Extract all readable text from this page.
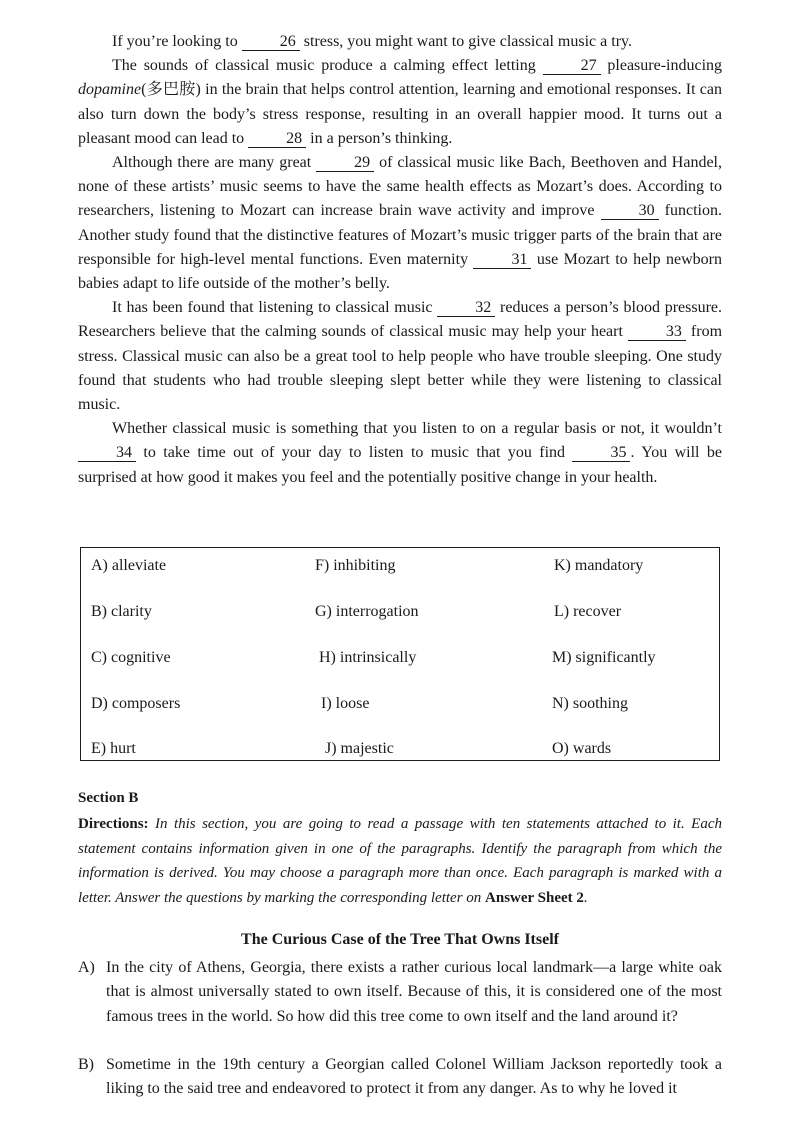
If you’re looking to	26 stress, you might want to give classical music a try.

The sounds of classical music produce a calming effect letting	27 pleasure-inducing dopamine(多巴胺) in the brain that helps control attention, learning and emotional responses. It can also turn down the body’s stress response, resulting in an overall happier mood. It turns out a pleasant mood can lead to	28 in a person’s thinking.

Although there are many great	29 of classical music like Bach, Beethoven and Handel, none of these artists’ music seems to have the same health effects as Mozart’s does. According to researchers, listening to Mozart can increase brain wave activity and improve	30 function. Another study found that the distinctive features of Mozart’s music trigger parts of the brain that are responsible for high-level mental functions. Even maternity	31 use Mozart to help newborn babies adapt to life outside of the mother’s belly.

It has been found that listening to classical music	32 reduces a person’s blood pressure. Researchers believe that the calming sounds of classical music may help your heart	33 from stress. Classical music can also be a great tool to help people who have trouble sleeping. One study found that students who had trouble sleeping slept better while they were listening to classical music.

Whether classical music is something that you listen to on a regular basis or not, it wouldn’t 34 to take time out of your day to listen to music that you find	35 . You will be surprised at how good it makes you feel and the potentially positive change in your health.

A) alleviate
B) clarity
C) cognitive
D) composers
E) hurt
F) inhibiting
G) interrogation
H) intrinsically
I) loose
J) majestic
K) mandatory
L) recover
M) significantly
N) soothing
O) wards

Section B

Directions: In this section, you are going to read a passage with ten statements attached to it. Each statement contains information given in one of the paragraphs. Identify the paragraph from which the information is derived. You may choose a paragraph more than once. Each paragraph is marked with a letter. Answer the questions by marking the corresponding letter on Answer Sheet 2.

The Curious Case of the Tree That Owns Itself

A) In the city of Athens, Georgia, there exists a rather curious local landmark—a large white oak that is almost universally stated to own itself. Because of this, it is considered one of the most famous trees in the world. So how did this tree come to own itself and the land around it?
B) Sometime in the 19th century a Georgian called Colonel William Jackson reportedly took a liking to the said tree and endeavored to protect it from any danger. As to why he loved it
